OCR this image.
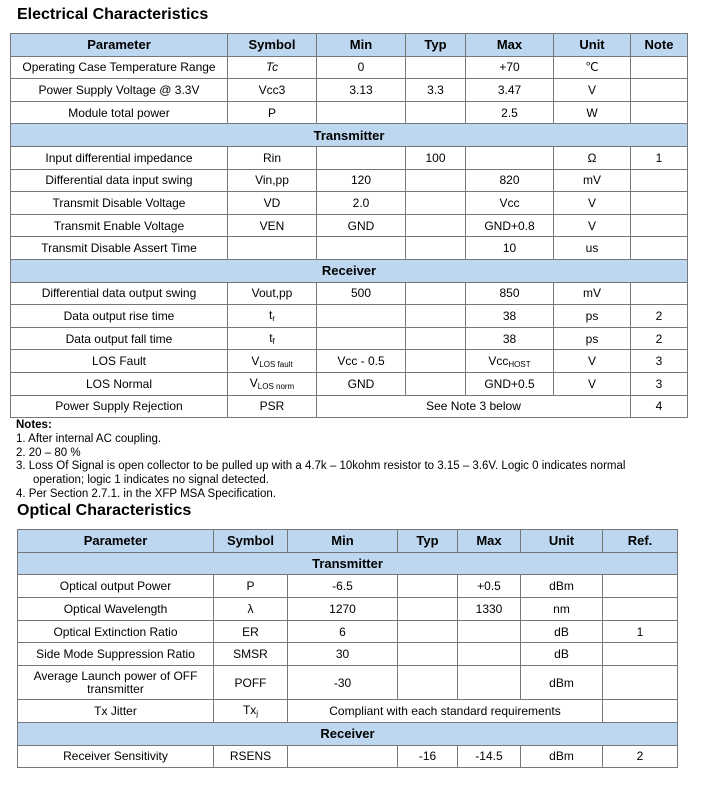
Electrical Characteristics
Parameter	Symbol	Min	Typ	Max	Unit	Note
Operating Case Temperature Range	Tc	0		+70	℃	
Power Supply Voltage @ 3.3V	Vcc3	3.13	3.3	3.47	V	
Module total power	P			2.5	W	
Transmitter						
Input differential impedance	Rin		100		Ω	1
Differential data input swing	Vin,pp	120		820	mV	
Transmit Disable Voltage	VD	2.0		Vcc	V	
Transmit Enable Voltage	VEN	GND		GND+0.8	V	
Transmit Disable Assert Time				10	us	
Receiver						
Differential data output swing	Vout,pp	500		850	mV	
Data output rise time	$t_r$			38	ps	2
Data output fall time	$t_f$			38	ps	2
LOS Fault	$V_{LOS fault}$	Vcc - 0.5		Vcc$_{HOST}$	V	3
LOS Normal	$V_{LOS norm}$	GND		GND+0.5	V	3
Power Supply Rejection	PSR	See Note 3 below				4
Notes:
1. After internal AC coupling.
2. 20 – 80 %
3. Loss Of Signal is open collector to be pulled up with a 4.7k – 10kohm resistor to 3.15 – 3.6V. Logic 0 indicates normal
operation; logic 1 indicates no signal detected.
4. Per Section 2.7.1. in the XFP MSA Specification.
Optical Characteristics
Parameter	Symbol	Min	Typ	Max	Unit	Ref.
Transmitter						
Optical output Power	P	-6.5		+0.5	dBm	
Optical Wavelength	λ	1270		1330	nm	
Optical Extinction Ratio	ER	6			dB	1
Side Mode Suppression Ratio	SMSR	30			dB	
Average Launch power of OFF transmitter	POFF	-30			dBm	
Tx Jitter	$Tx_j$	Compliant with each standard requirements				
Receiver						
Receiver Sensitivity	RSENS		-16	-14.5	dBm	2
